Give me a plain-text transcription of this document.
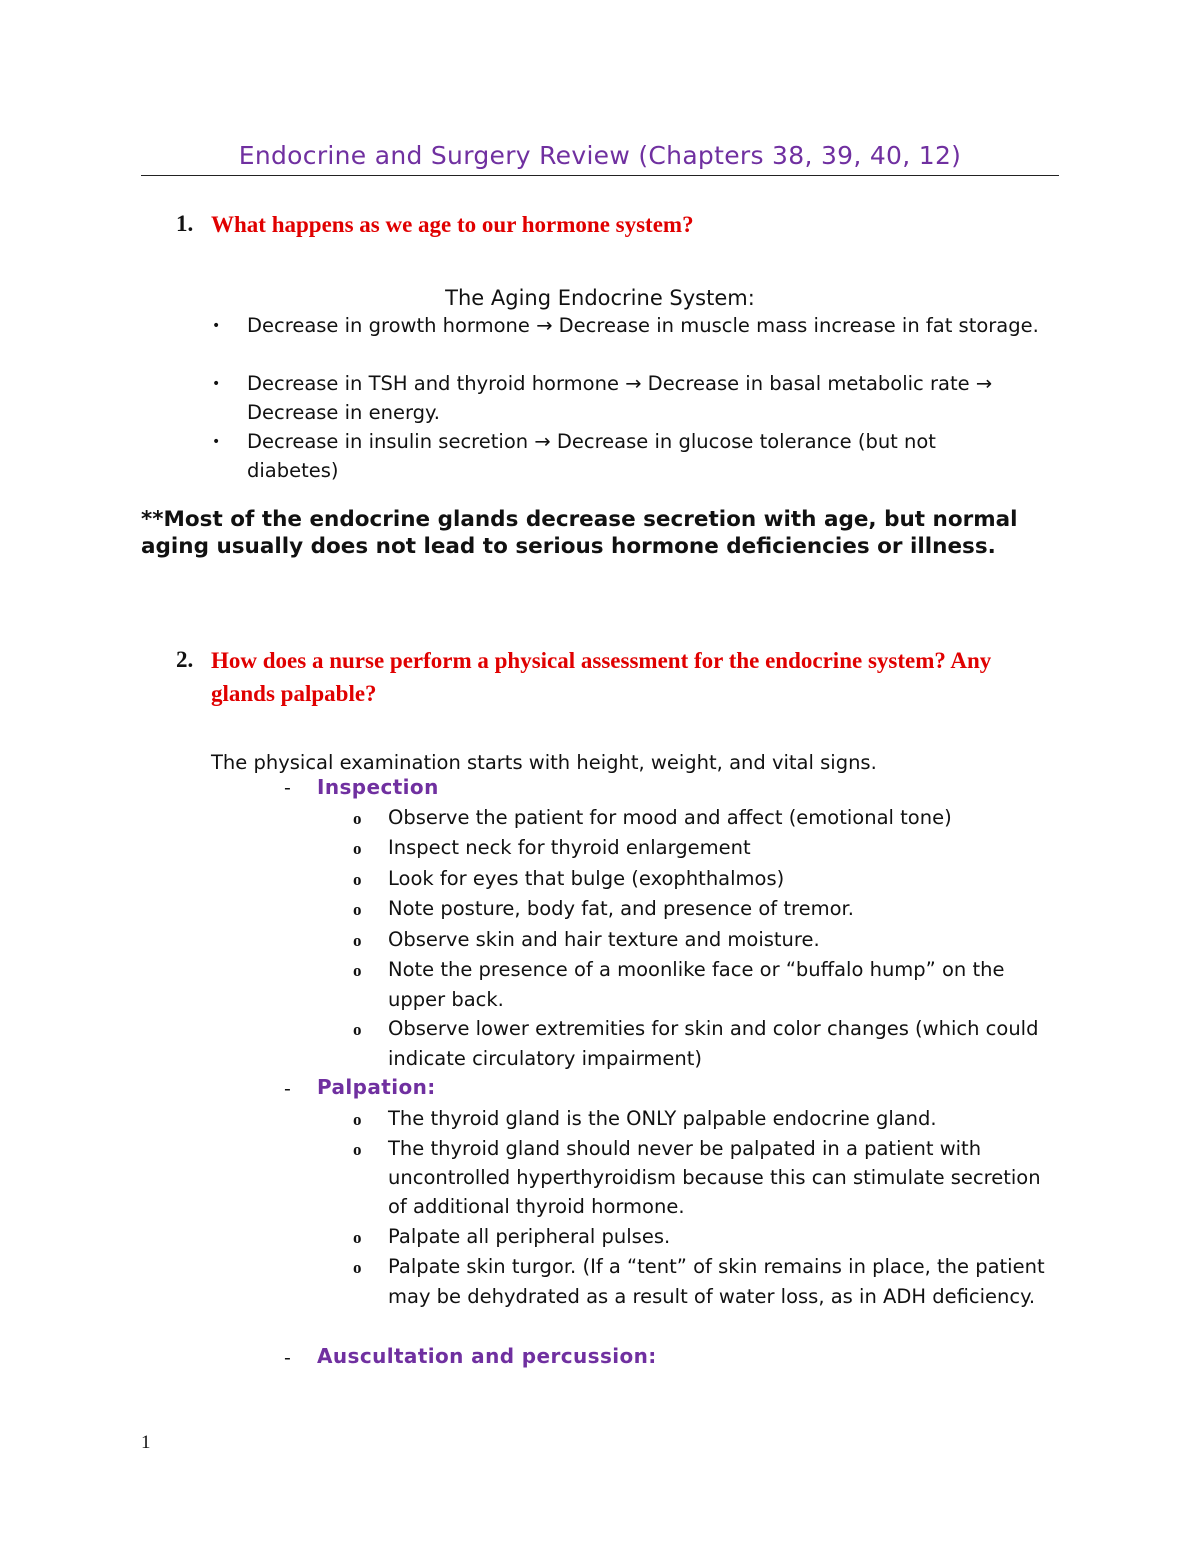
Endocrine and Surgery Review (Chapters 38, 39, 40, 12)
1. What happens as we age to our hormone system?
The Aging Endocrine System:
• Decrease in growth hormone → Decrease in muscle mass increase in fat storage.
• Decrease in TSH and thyroid hormone → Decrease in basal metabolic rate → Decrease in energy.
• Decrease in insulin secretion → Decrease in glucose tolerance (but not diabetes)
**Most of the endocrine glands decrease secretion with age, but normal aging usually does not lead to serious hormone deficiencies or illness.
2. How does a nurse perform a physical assessment for the endocrine system? Any glands palpable?
The physical examination starts with height, weight, and vital signs.
- Inspection
o Observe the patient for mood and affect (emotional tone)
o Inspect neck for thyroid enlargement
o Look for eyes that bulge (exophthalmos)
o Note posture, body fat, and presence of tremor.
o Observe skin and hair texture and moisture.
o Note the presence of a moonlike face or “buffalo hump” on the upper back.
o Observe lower extremities for skin and color changes (which could indicate circulatory impairment)
- Palpation:
o The thyroid gland is the ONLY palpable endocrine gland.
o The thyroid gland should never be palpated in a patient with uncontrolled hyperthyroidism because this can stimulate secretion of additional thyroid hormone.
o Palpate all peripheral pulses.
o Palpate skin turgor. (If a “tent” of skin remains in place, the patient may be dehydrated as a result of water loss, as in ADH deficiency.
- Auscultation and percussion:
1
